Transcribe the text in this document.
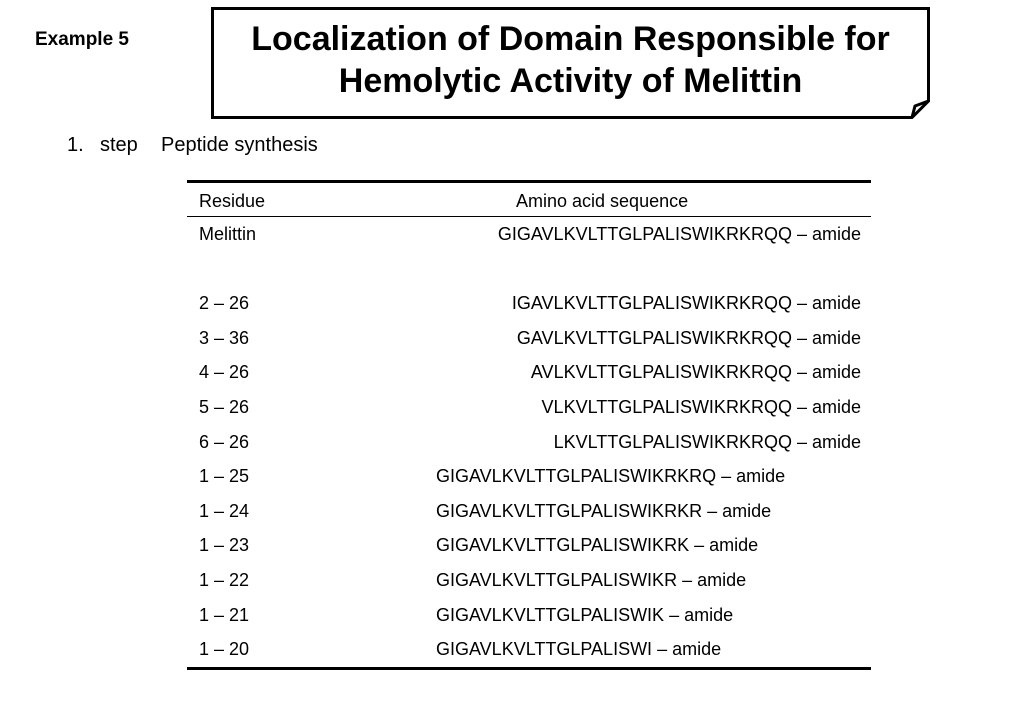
Example 5	Localization of Domain Responsible for
Hemolytic Activity of Melittin
1. step Peptide synthesis
Residue	Amino acid sequence
Melittin	GIGAVLKVLTTGLPALISWIKRKRQQ – amide
2 – 26	IGAVLKVLTTGLPALISWIKRKRQQ – amide
3 – 36	GAVLKVLTTGLPALISWIKRKRQQ – amide
4 – 26	AVLKVLTTGLPALISWIKRKRQQ – amide
5 – 26	VLKVLTTGLPALISWIKRKRQQ – amide
6 – 26	LKVLTTGLPALISWIKRKRQQ – amide
1 – 25	GIGAVLKVLTTGLPALISWIKRKRQ – amide
1 – 24	GIGAVLKVLTTGLPALISWIKRKR – amide
1 – 23	GIGAVLKVLTTGLPALISWIKRK – amide
1 – 22	GIGAVLKVLTTGLPALISWIKR – amide
1 – 21	GIGAVLKVLTTGLPALISWIK – amide
1 – 20	GIGAVLKVLTTGLPALISWI – amide
